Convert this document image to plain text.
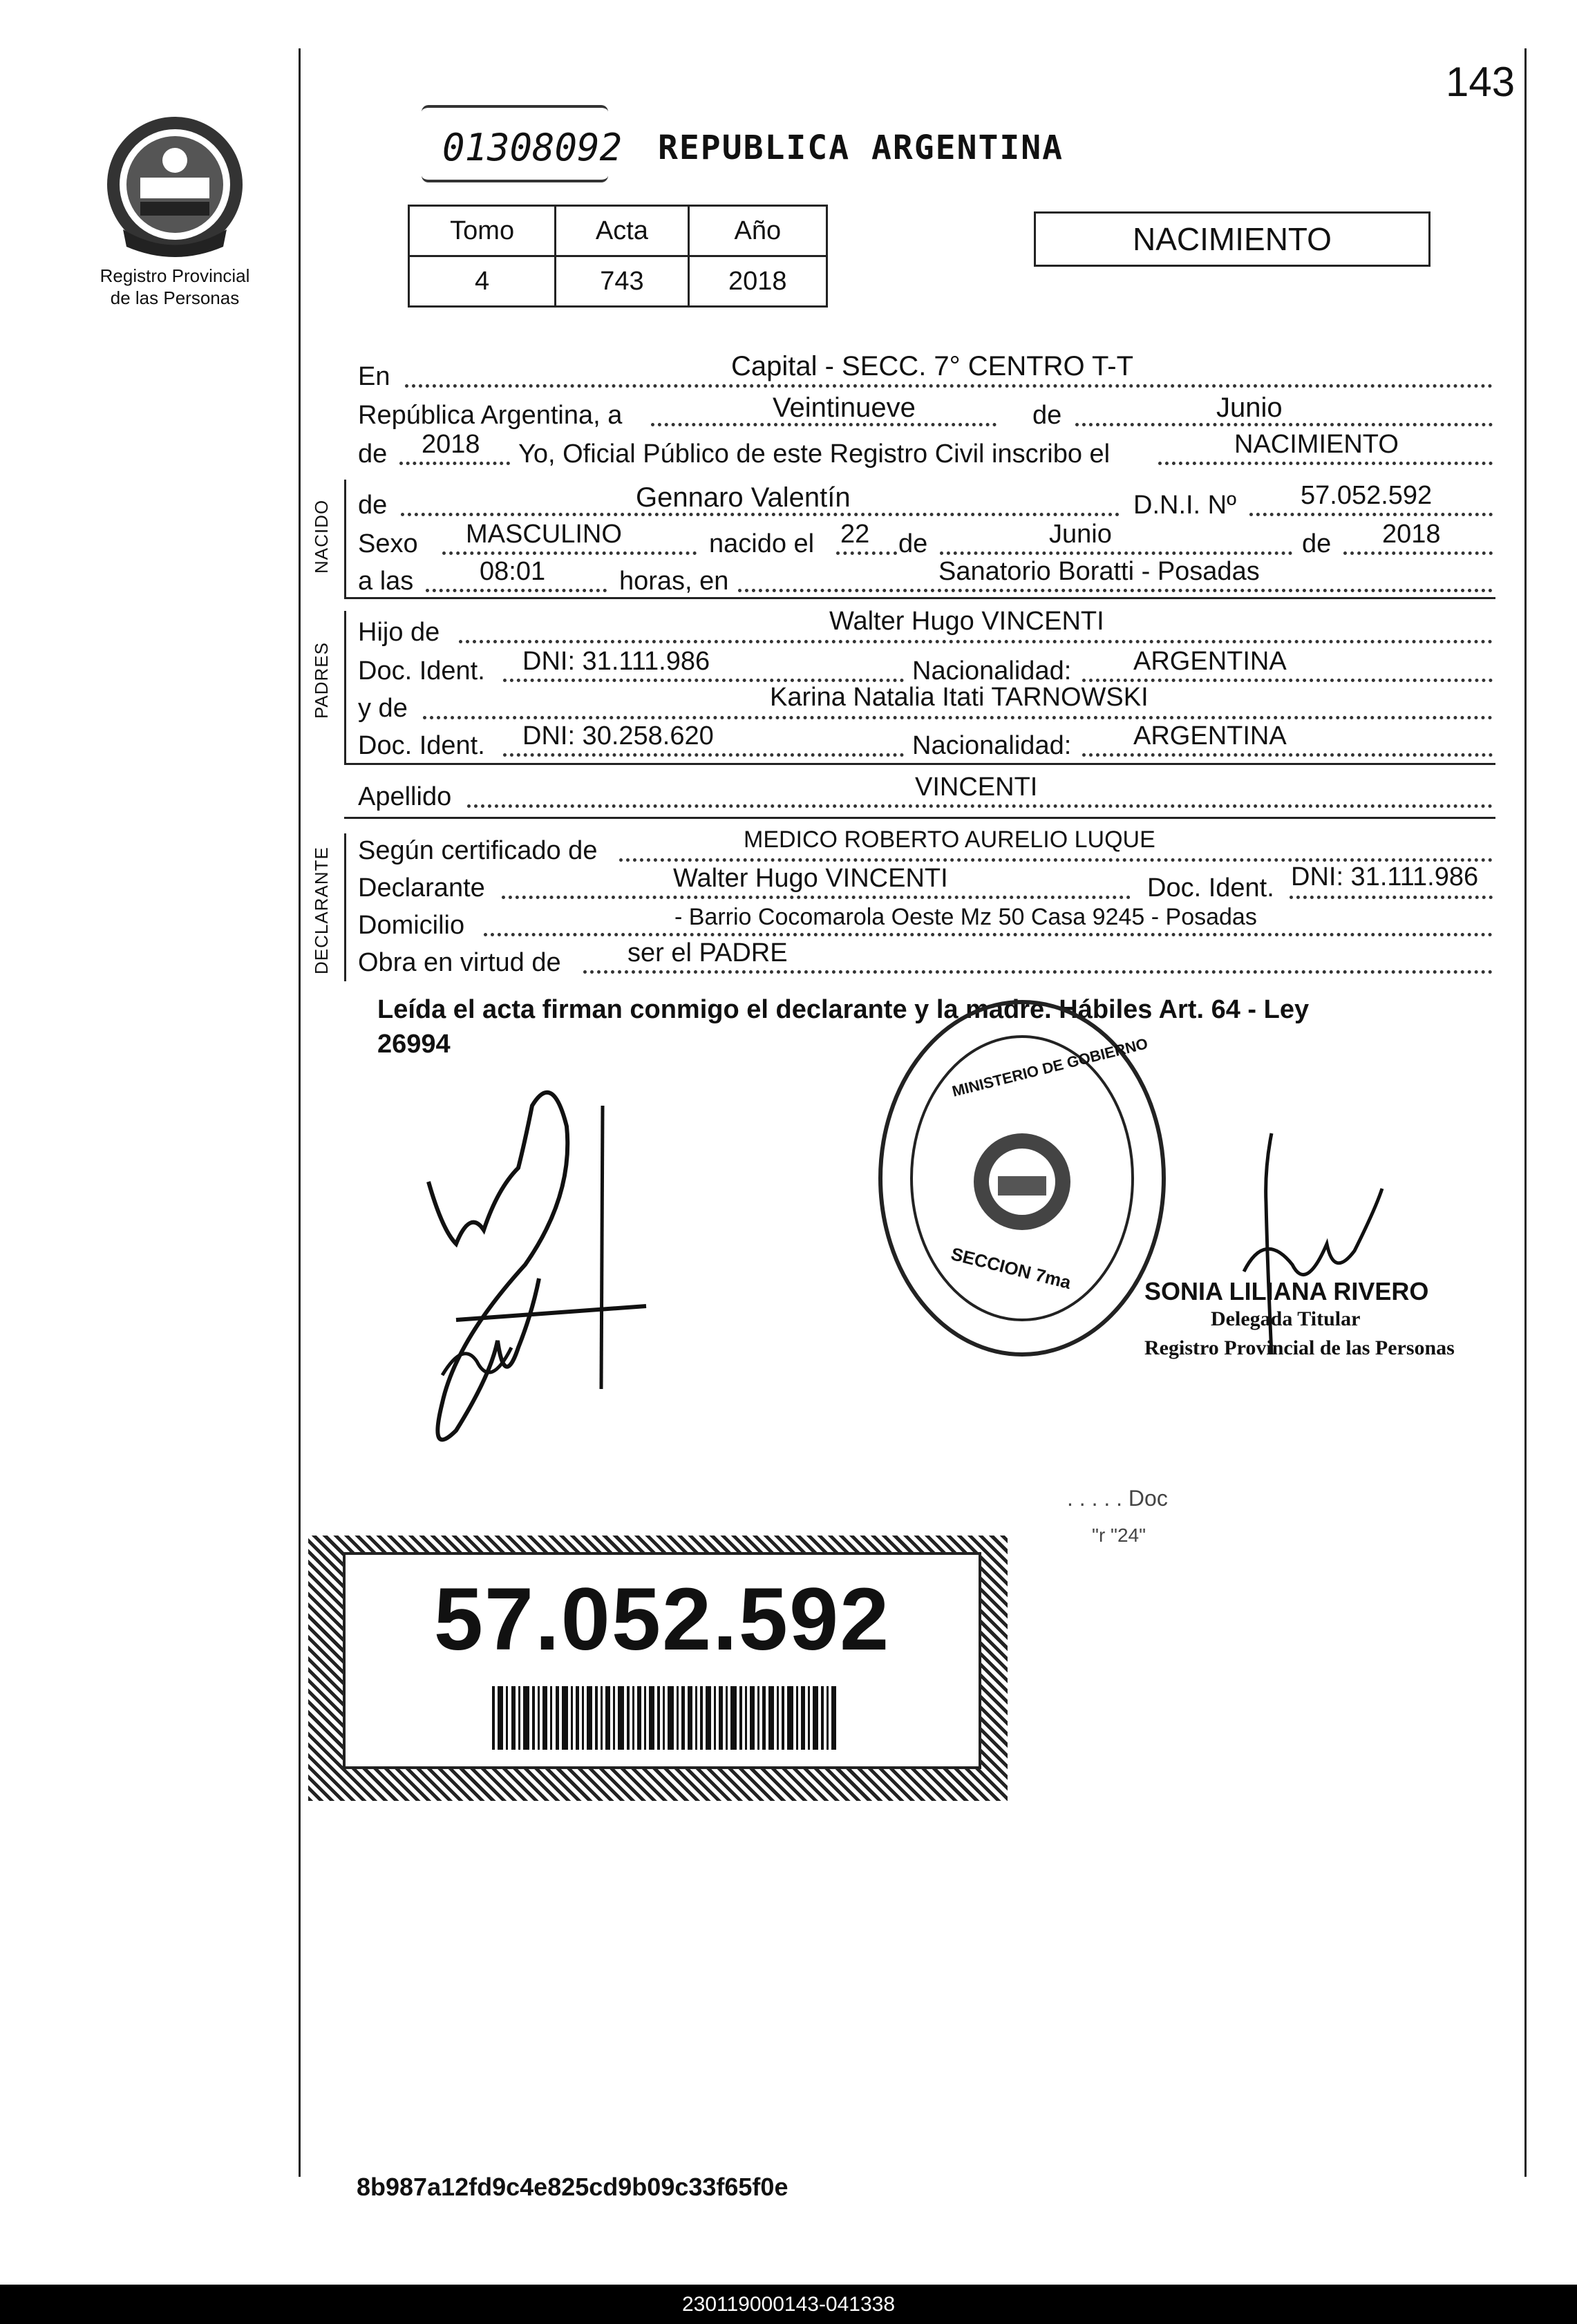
143
Registro Provincial
de las Personas
01308092 REPUBLICA ARGENTINA
Tomo	Acta	Año
4	743	2018
NACIMIENTO
En	Capital - SECC. 7° CENTRO T-T
República Argentina, a	Veintinueve	de	Junio
de 2018 Yo, Oficial Público de este Registro Civil inscribo el	NACIMIENTO
NACIDO de	Gennaro Valentín	D.N.I. Nº 57.052.592
Sexo MASCULINO	nacido el 22 de	Junio	de 2018
a las	08:01	horas, en	Sanatorio Boratti - Posadas
PADRES
Hijo de	Walter Hugo VINCENTI
Doc. Ident. DNI: 31.111.986	Nacionalidad: ARGENTINA
y de	Karina Natalia Itati TARNOWSKI
Doc. Ident. DNI: 30.258.620	Nacionalidad: ARGENTINA
Apellido	VINCENTI
DECLARANTE Según certificado de	MEDICO ROBERTO AURELIO LUQUE
Declarante	Walter Hugo VINCENTI	Doc. Ident. DNI: 31.111.986
Domicilio	- Barrio Cocomarola Oeste Mz 50 Casa 9245 - Posadas
Obra en virtud de	ser el PADRE
Leída el acta firman conmigo el declarante y la madre. Hábiles Art. 64 - Ley
26994	MINISTERIO DE GOBIERNO
SECCION 7ma	SONIA LILIANA RIVERO
Delegada Titular
Registro Provincial de las Personas
. . . . . Doc
"r "24"
57.052.592
8b987a12fd9c4e825cd9b09c33f65f0e
230119000143-041338
